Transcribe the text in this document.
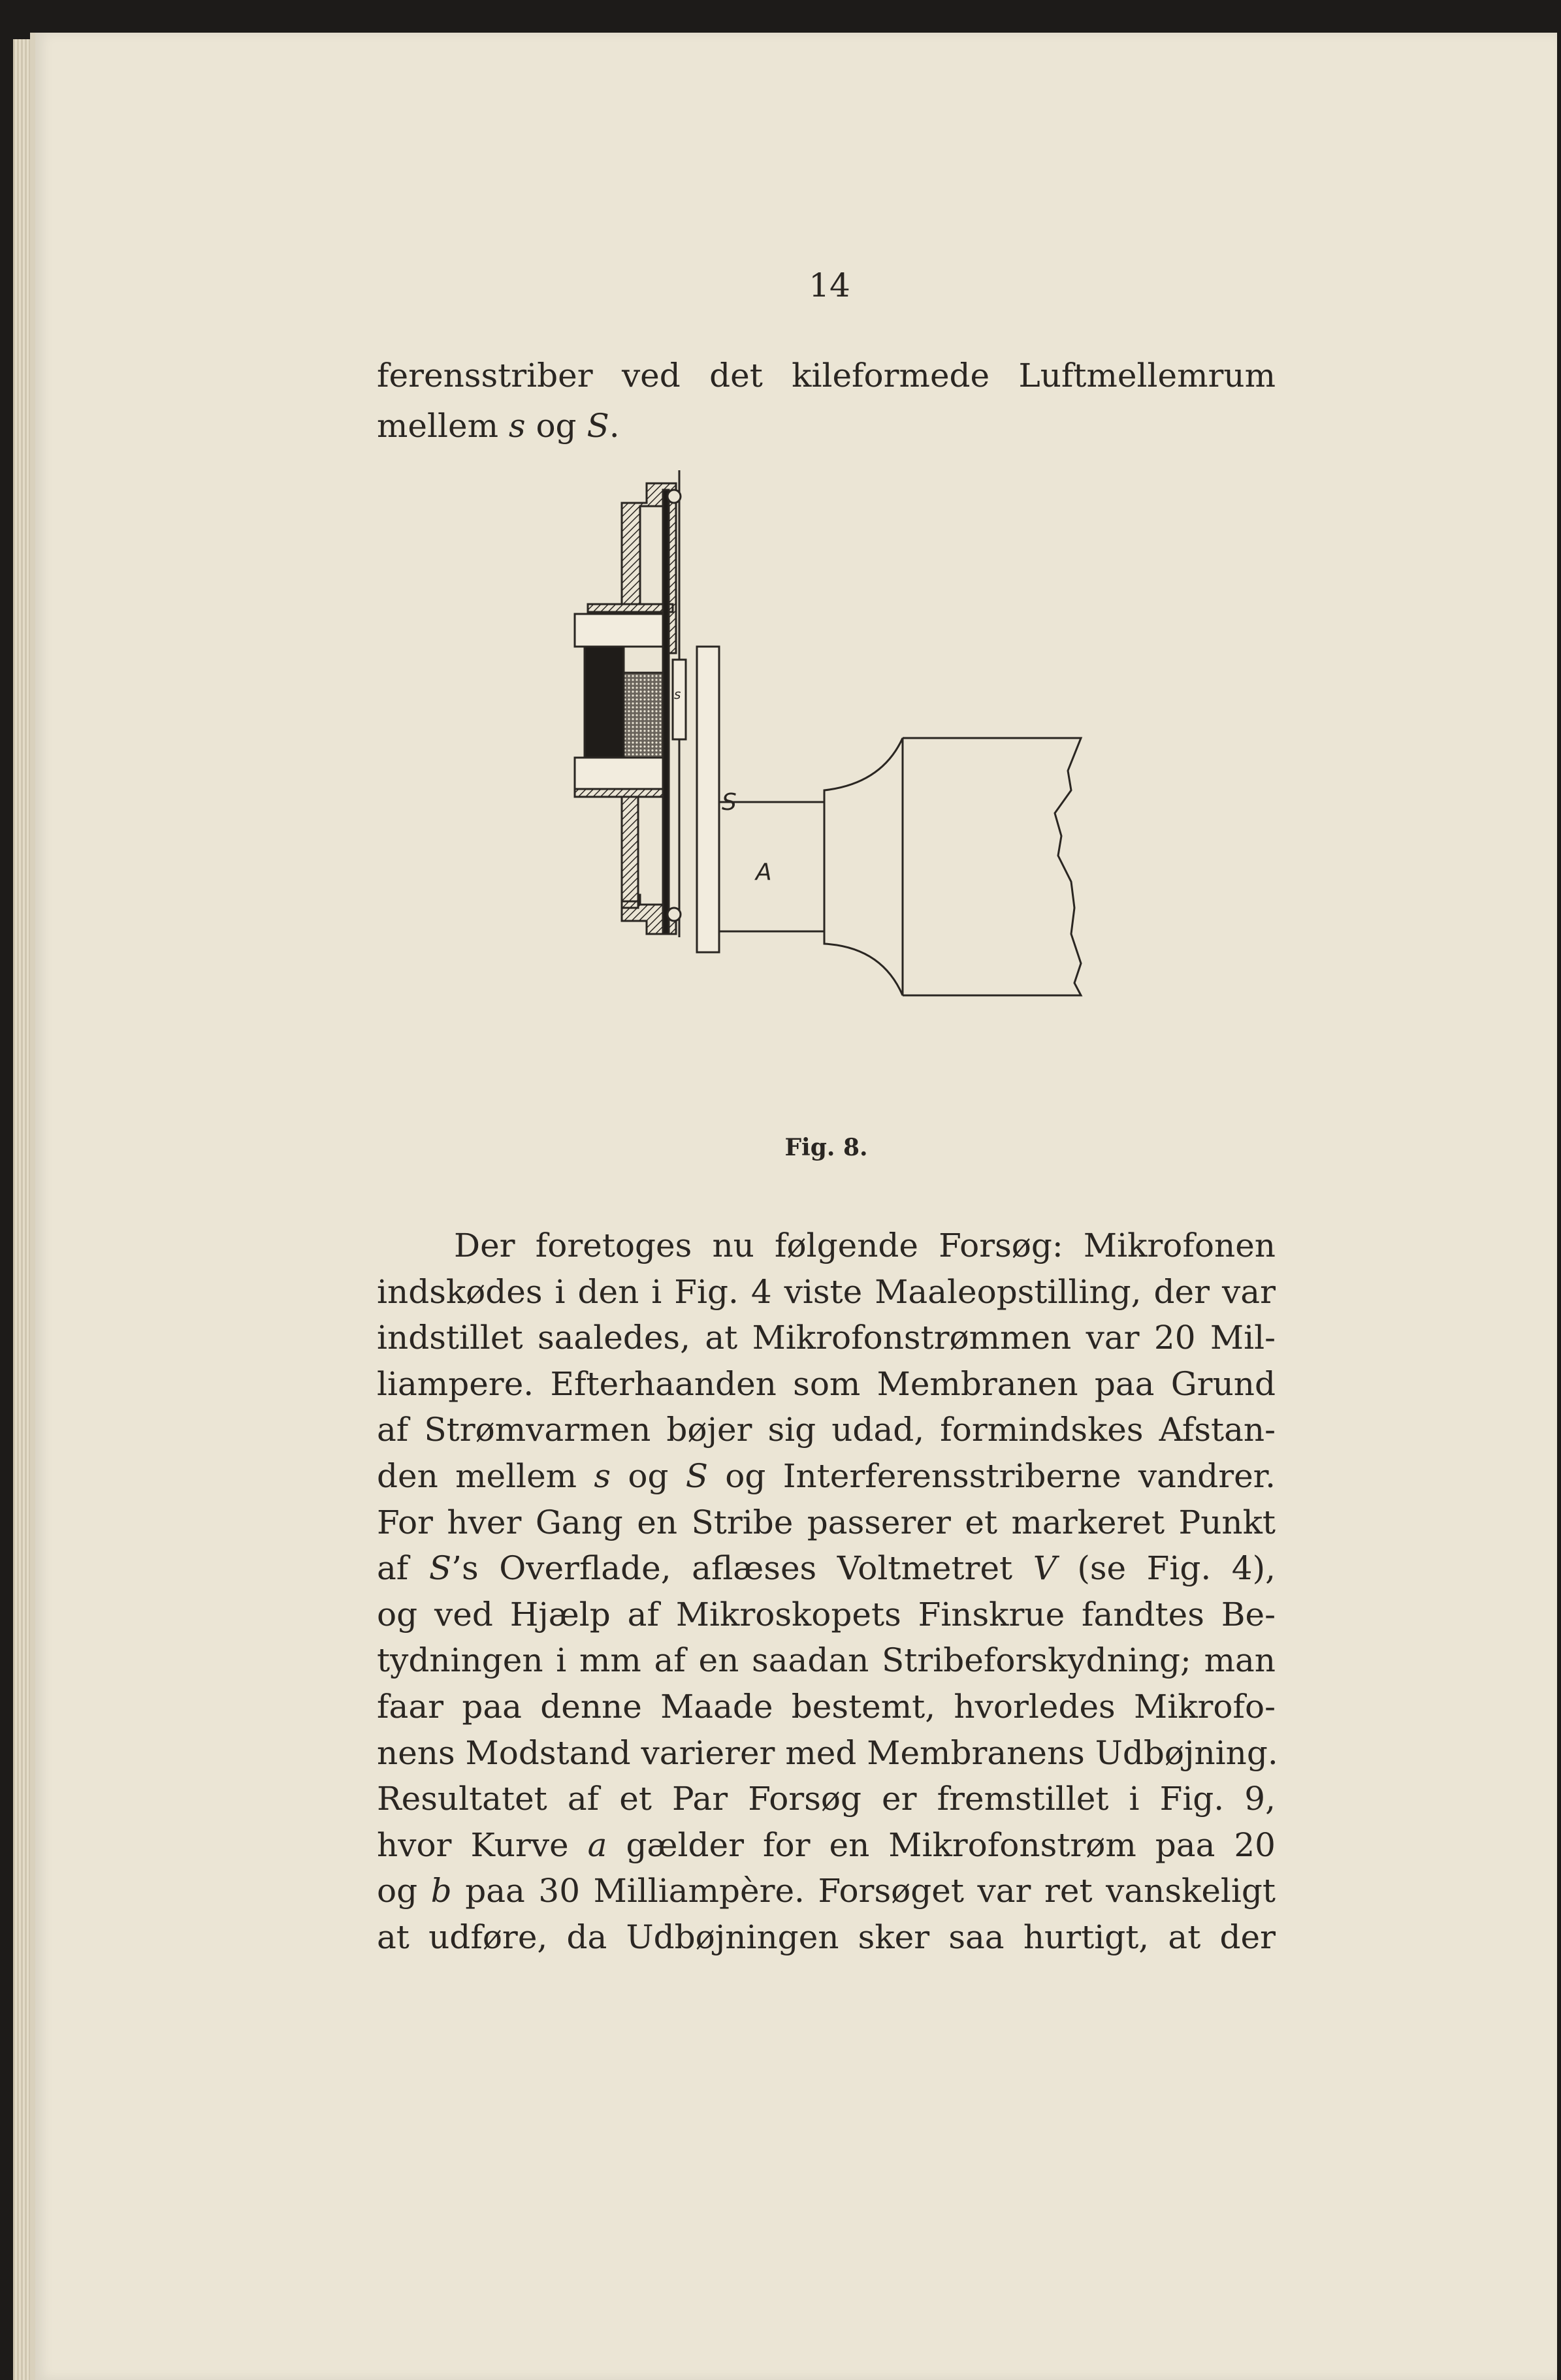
14
ferensstriber ved det kileformede Luftmellemrum
mellem s og S.
s
S
A
Fig. 8.
Der foretoges nu følgende Forsøg: Mikrofonen
indskødes i den i Fig. 4 viste Maaleopstilling, der var
indstillet saaledes, at Mikrofonstrømmen var 20 Mil-
liampere. Efterhaanden som Membranen paa Grund
af Strømvarmen bøjer sig udad, formindskes Afstan-
den mellem s og S og Interferensstriberne vandrer.
For hver Gang en Stribe passerer et markeret Punkt
af S’s Overflade, aflæses Voltmetret V (se Fig. 4),
og ved Hjælp af Mikroskopets Finskrue fandtes Be-
tydningen i mm af en saadan Stribeforskydning; man
faar paa denne Maade bestemt, hvorledes Mikrofo-
nens Modstand varierer med Membranens Udbøjning.
Resultatet af et Par Forsøg er fremstillet i Fig. 9,
hvor Kurve a gælder for en Mikrofonstrøm paa 20
og b paa 30 Milliampère. Forsøget var ret vanskeligt
at udføre, da Udbøjningen sker saa hurtigt, at der
